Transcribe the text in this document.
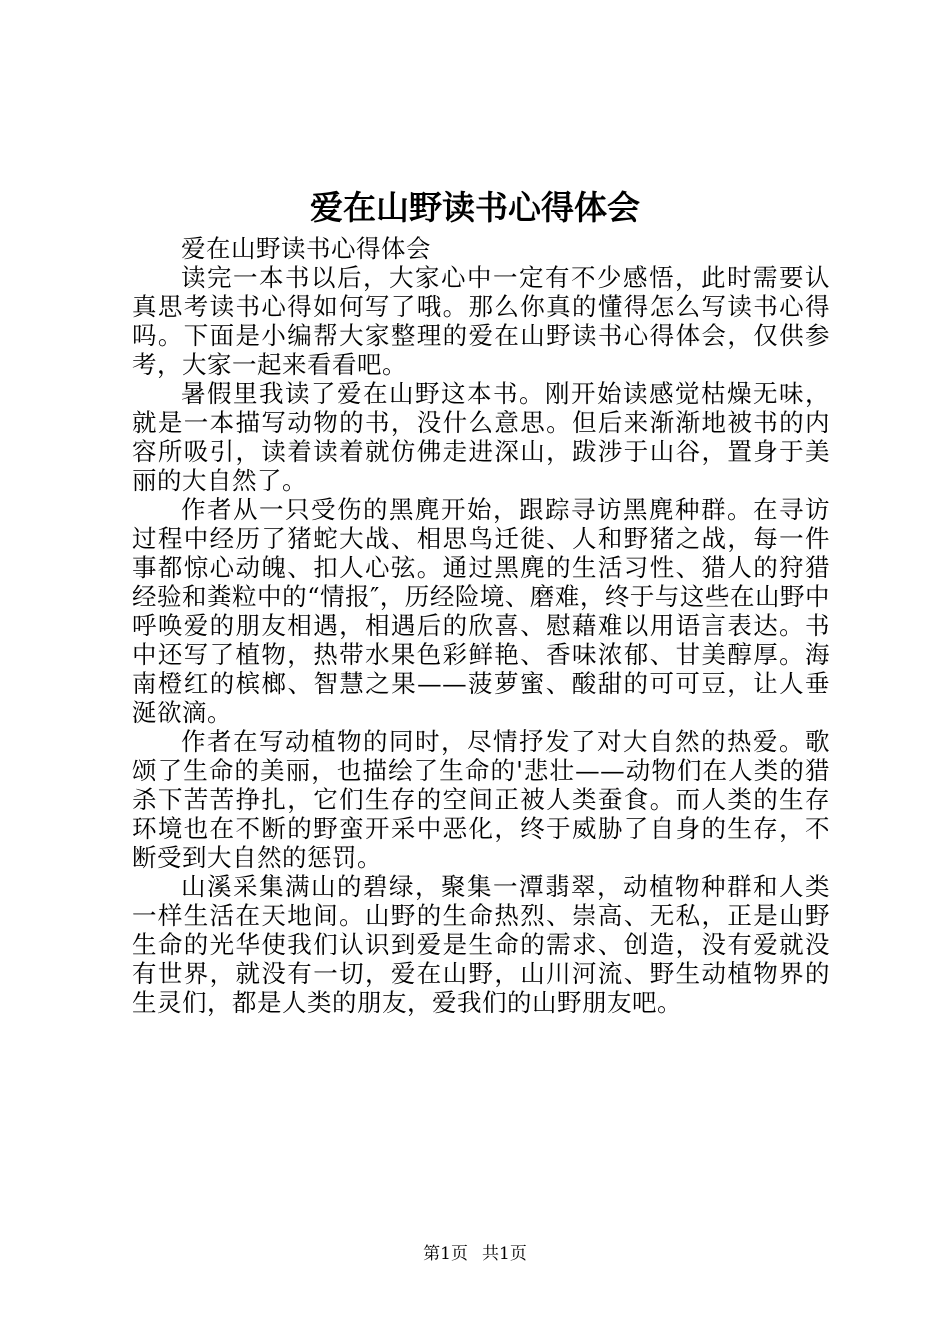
爱在山野读书心得体会

爱在山野读书心得体会

读完一本书以后，大家心中一定有不少感悟，此时需要认真思考读书心得如何写了哦。那么你真的懂得怎么写读书心得吗。下面是小编帮大家整理的爱在山野读书心得体会，仅供参考，大家一起来看看吧。

暑假里我读了爱在山野这本书。刚开始读感觉枯燥无味，就是一本描写动物的书，没什么意思。但后来渐渐地被书的内容所吸引，读着读着就仿佛走进深山，跋涉于山谷，置身于美丽的大自然了。

作者从一只受伤的黑麂开始，跟踪寻访黑麂种群。在寻访过程中经历了猪蛇大战、相思鸟迁徙、人和野猪之战，每一件事都惊心动魄、扣人心弦。通过黑麂的生活习性、猎人的狩猎经验和粪粒中的“情报″，历经险境、磨难，终于与这些在山野中呼唤爱的朋友相遇，相遇后的欣喜、慰藉难以用语言表达。书中还写了植物，热带水果色彩鲜艳、香味浓郁、甘美醇厚。海南橙红的槟榔、智慧之果——菠萝蜜、酸甜的可可豆，让人垂涎欲滴。

作者在写动植物的同时，尽情抒发了对大自然的热爱。歌颂了生命的美丽，也描绘了生命的'悲壮——动物们在人类的猎杀下苦苦挣扎，它们生存的空间正被人类蚕食。而人类的生存环境也在不断的野蛮开采中恶化，终于威胁了自身的生存，不断受到大自然的惩罚。

山溪采集满山的碧绿，聚集一潭翡翠，动植物种群和人类一样生活在天地间。山野的生命热烈、崇高、无私，正是山野生命的光华使我们认识到爱是生命的需求、创造，没有爱就没有世界，就没有一切，爱在山野，山川河流、野生动植物界的生灵们，都是人类的朋友，爱我们的山野朋友吧。

第1页 共1页
